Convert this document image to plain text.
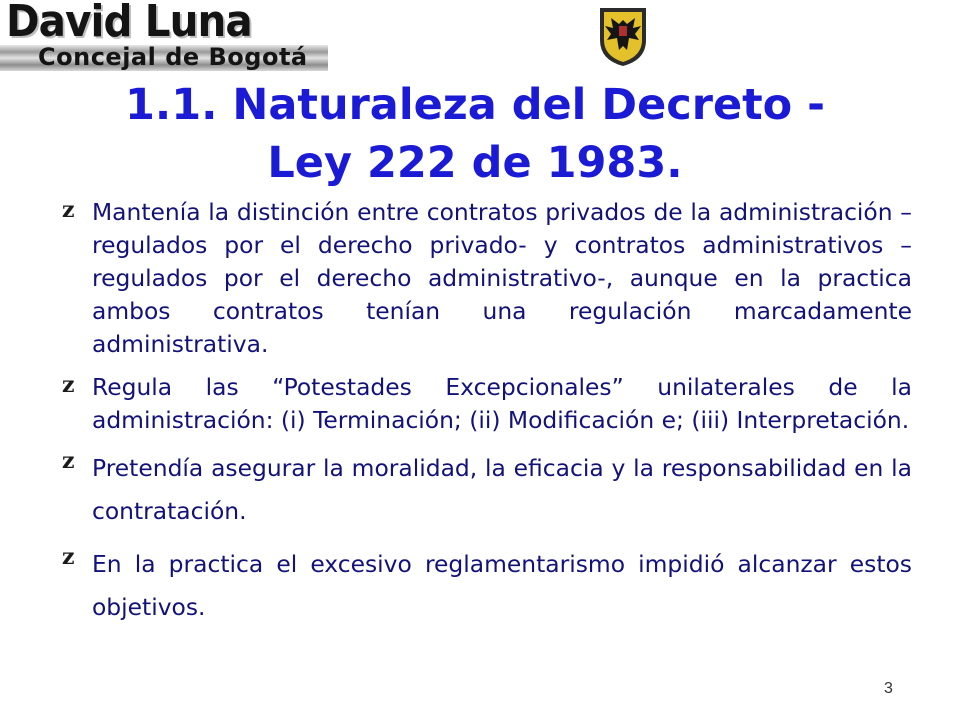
David Luna
Concejal de Bogotá
1.1. Naturaleza del Decreto -
Ley 222 de 1983.
z Mantenía la distinción entre contratos privados de la administración –regulados por el derecho privado- y contratos administrativos –regulados por el derecho administrativo-, aunque en la practica ambos contratos tenían una regulación marcadamente administrativa.
z Regula las “Potestades Excepcionales” unilaterales de la administración: (i) Terminación; (ii) Modificación e; (iii) Interpretación.
z Pretendía asegurar la moralidad, la eficacia y la responsabilidad en la contratación.
z En la practica el excesivo reglamentarismo impidió alcanzar estos objetivos.
3
